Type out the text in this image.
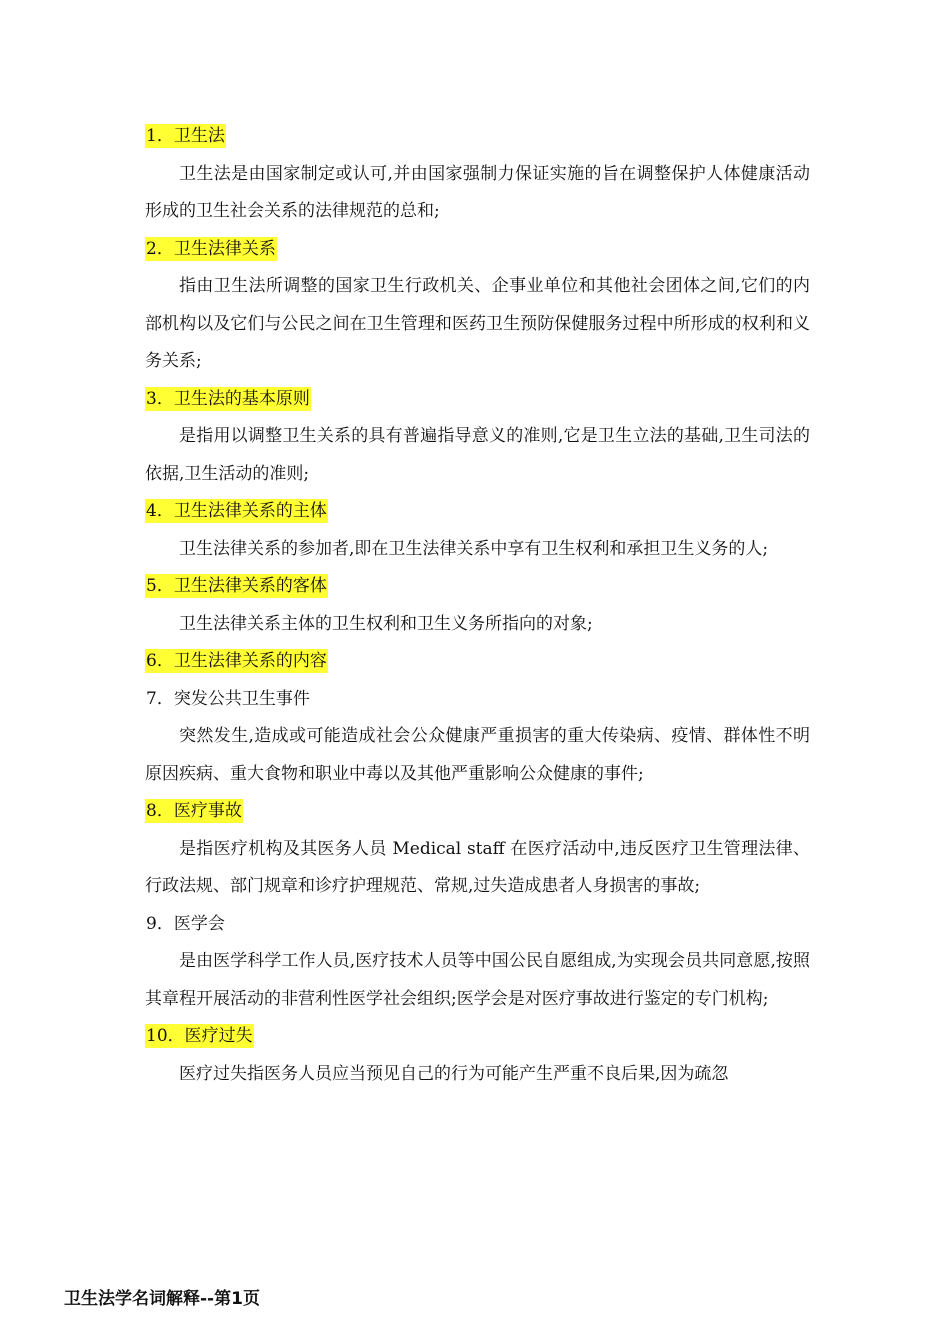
1．卫生法
卫生法是由国家制定或认可,并由国家强制力保证实施的旨在调整保护人体健康活动形成的卫生社会关系的法律规范的总和;
2．卫生法律关系
指由卫生法所调整的国家卫生行政机关、企事业单位和其他社会团体之间,它们的内部机构以及它们与公民之间在卫生管理和医药卫生预防保健服务过程中所形成的权利和义务关系;
3．卫生法的基本原则
是指用以调整卫生关系的具有普遍指导意义的准则,它是卫生立法的基础,卫生司法的依据,卫生活动的准则;
4．卫生法律关系的主体
卫生法律关系的参加者,即在卫生法律关系中享有卫生权利和承担卫生义务的人;
5．卫生法律关系的客体
卫生法律关系主体的卫生权利和卫生义务所指向的对象;
6．卫生法律关系的内容
7．突发公共卫生事件
突然发生,造成或可能造成社会公众健康严重损害的重大传染病、疫情、群体性不明原因疾病、重大食物和职业中毒以及其他严重影响公众健康的事件;
8．医疗事故
是指医疗机构及其医务人员 Medical staff 在医疗活动中,违反医疗卫生管理法律、行政法规、部门规章和诊疗护理规范、常规,过失造成患者人身损害的事故;
9．医学会
是由医学科学工作人员,医疗技术人员等中国公民自愿组成,为实现会员共同意愿,按照其章程开展活动的非营利性医学社会组织;医学会是对医疗事故进行鉴定的专门机构;
10．医疗过失
医疗过失指医务人员应当预见自己的行为可能产生严重不良后果,因为疏忽
卫生法学名词解释--第1页
